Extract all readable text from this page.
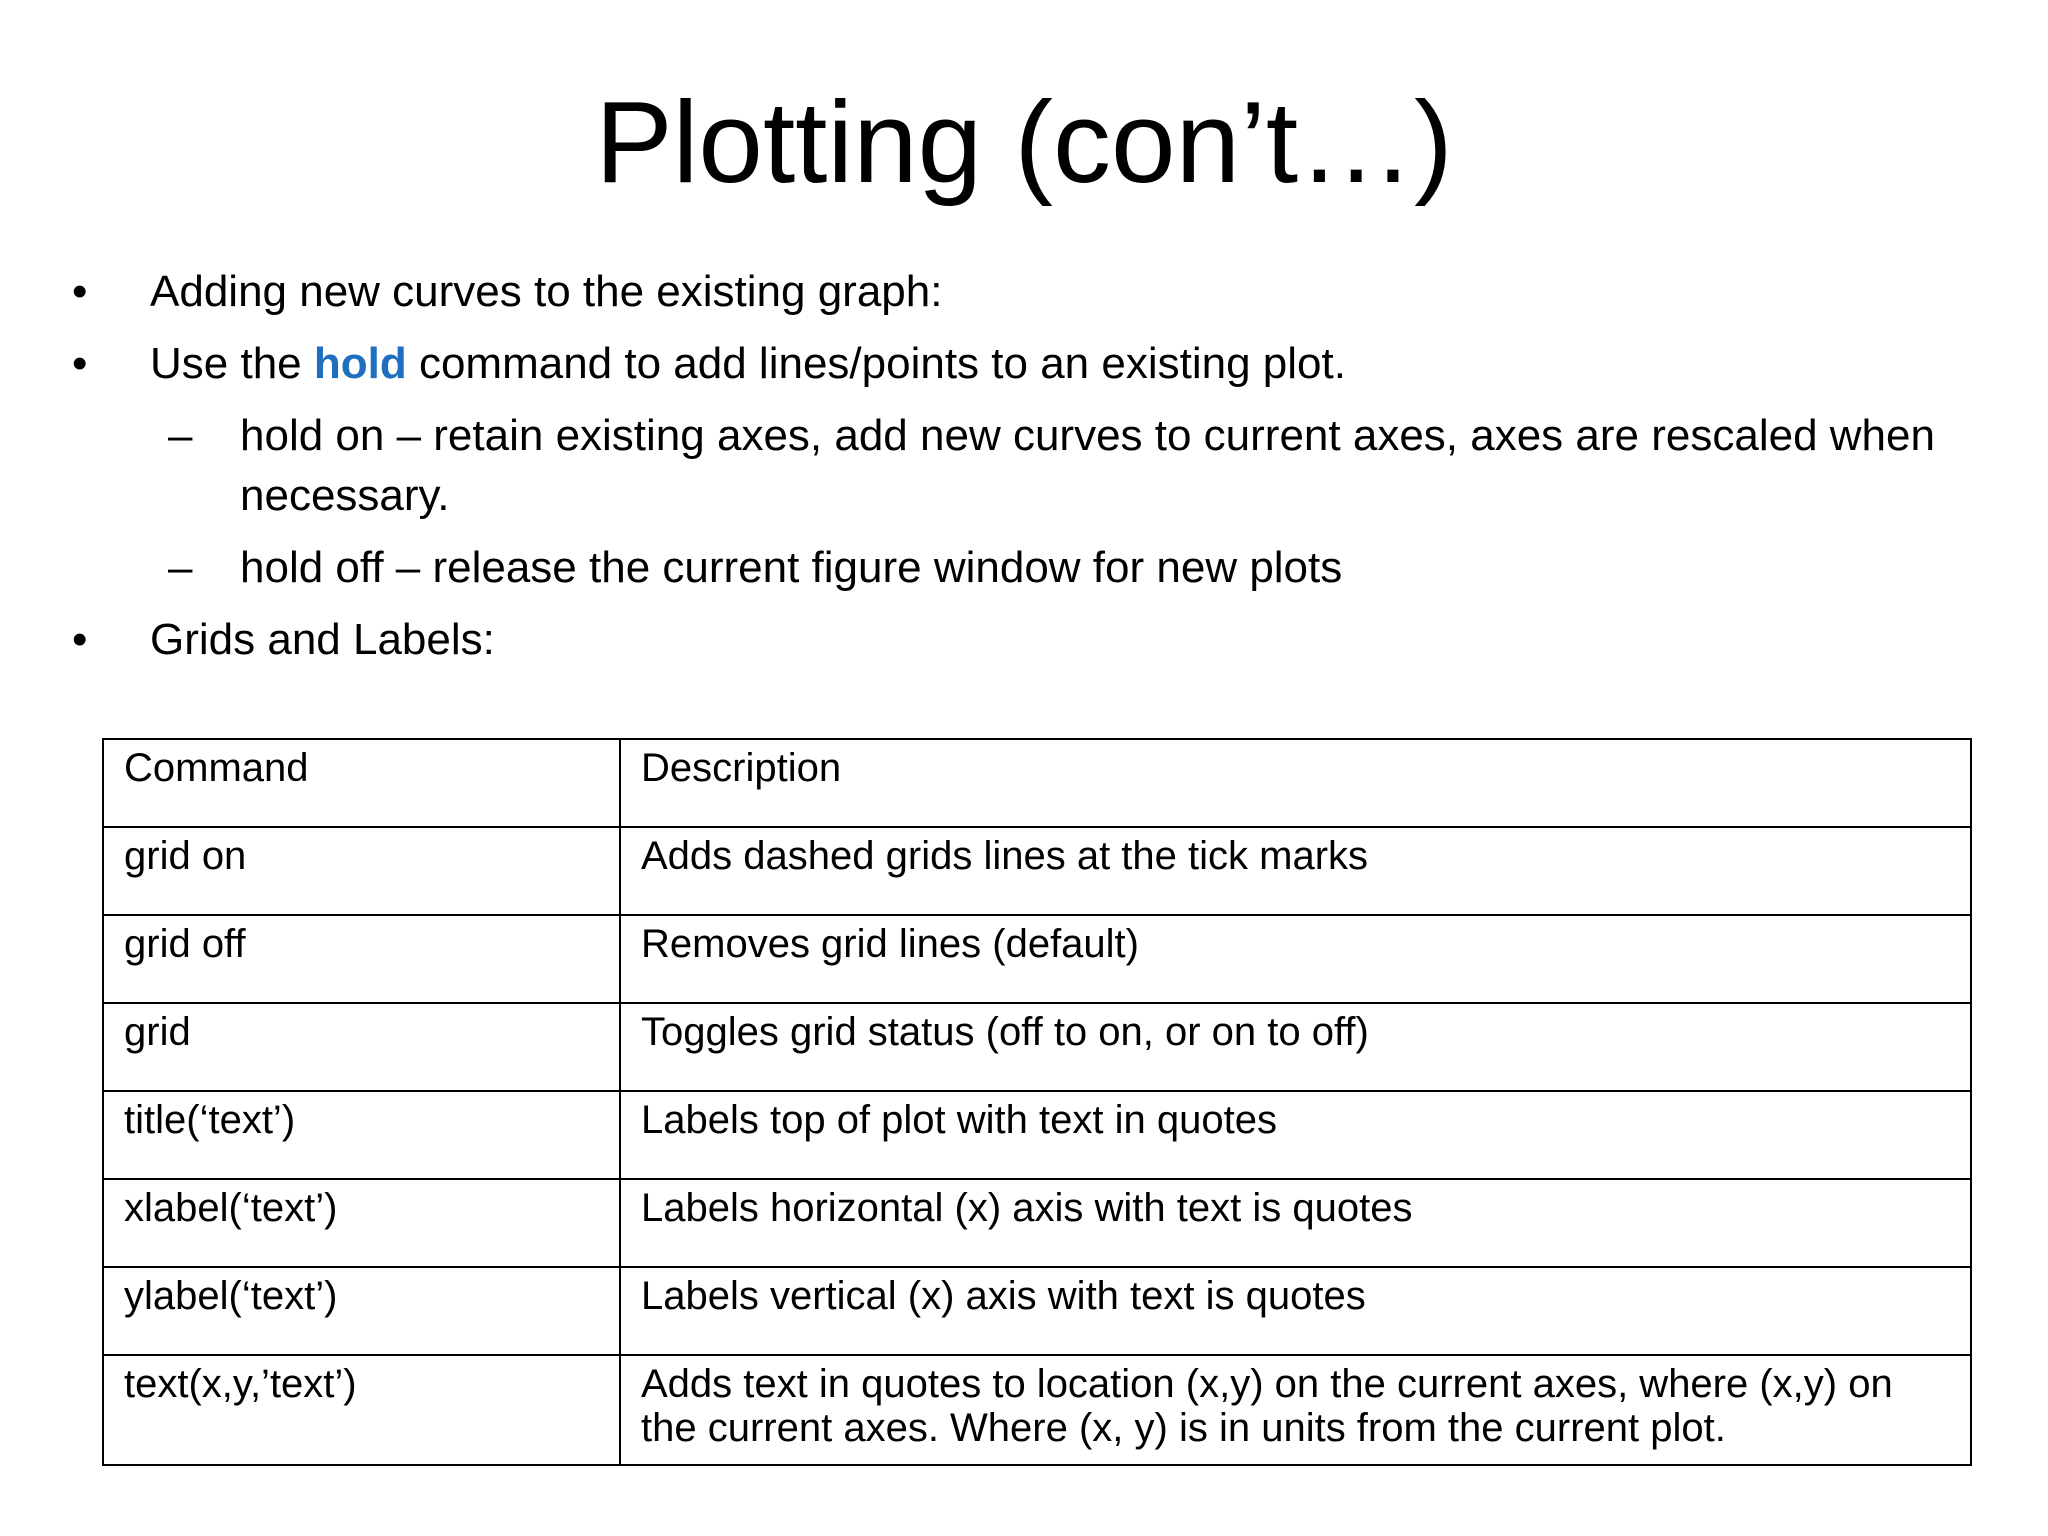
Plotting (con’t…)
•	Adding new curves to the existing graph:
•	Use the hold command to add lines/points to an existing plot.
– hold on – retain existing axes, add new curves to current axes, axes are rescaled when necessary.
– hold off – release the current figure window for new plots
•	Grids and Labels:
Command	Description
grid on	Adds dashed grids lines at the tick marks
grid off	Removes grid lines (default)
grid	Toggles grid status (off to on, or on to off)
title(‘text’)	Labels top of plot with text in quotes
xlabel(‘text’)	Labels horizontal (x) axis with text is quotes
ylabel(‘text’)	Labels vertical (x) axis with text is quotes
text(x,y,’text’)	Adds text in quotes to location (x,y) on the current axes, where (x,y) on the current axes. Where (x, y) is in units from the current plot.
